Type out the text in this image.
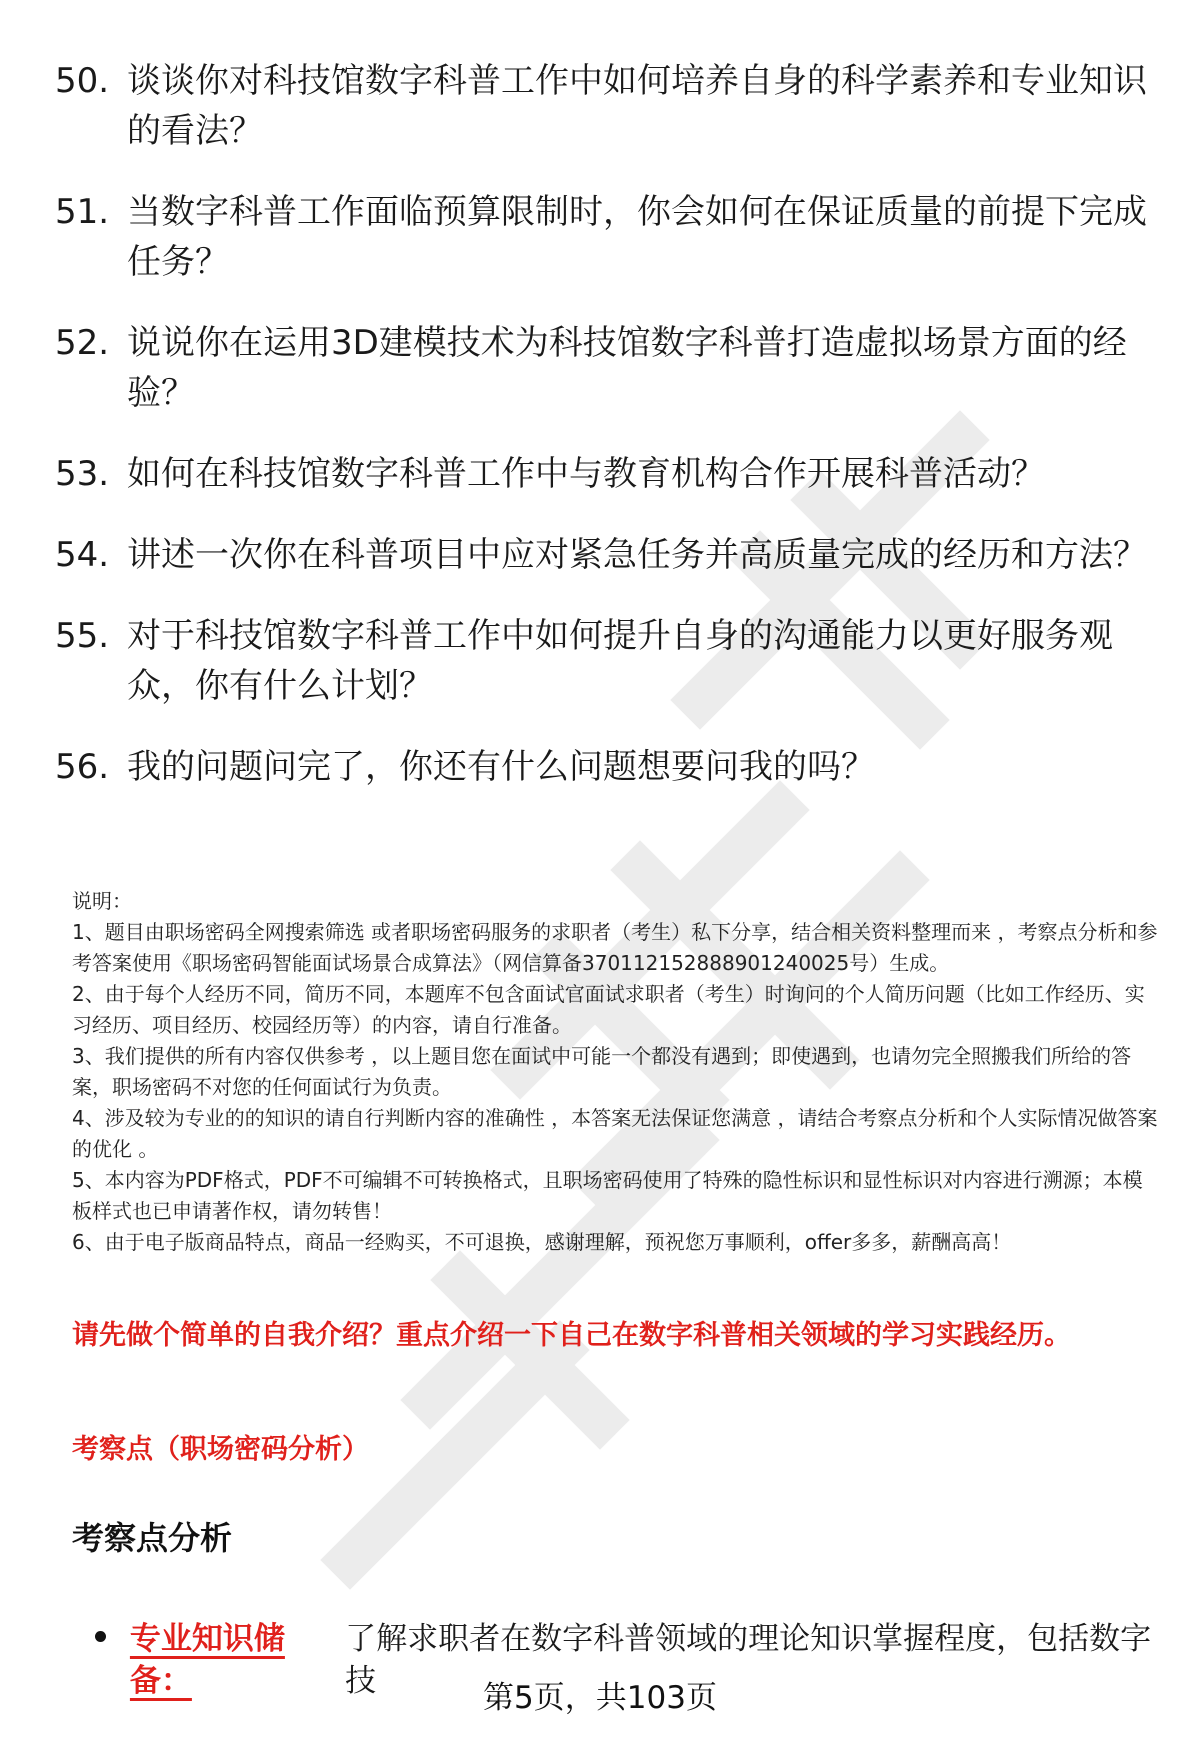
50. 谈谈你对科技馆数字科普工作中如何培养自身的科学素养和专业知识的看法？
51. 当数字科普工作面临预算限制时，你会如何在保证质量的前提下完成任务？
52. 说说你在运用3D建模技术为科技馆数字科普打造虚拟场景方面的经验？
53. 如何在科技馆数字科普工作中与教育机构合作开展科普活动？
54. 讲述一次你在科普项目中应对紧急任务并高质量完成的经历和方法？
55. 对于科技馆数字科普工作中如何提升自身的沟通能力以更好服务观众，你有什么计划？
56. 我的问题问完了，你还有什么问题想要问我的吗？
说明：
1、题目由职场密码全网搜索筛选 或者职场密码服务的求职者（考生）私下分享，结合相关资料整理而来 ，考察点分析和参考答案使用《职场密码智能面试场景合成算法》（网信算备370112152888901240025号）生成。
2、由于每个人经历不同，简历不同，本题库不包含面试官面试求职者（考生）时询问的个人简历问题（比如工作经历、实习经历、项目经历、校园经历等）的内容，请自行准备。
3、我们提供的所有内容仅供参考 ，以上题目您在面试中可能一个都没有遇到；即使遇到，也请勿完全照搬我们所给的答案，职场密码不对您的任何面试行为负责。
4、涉及较为专业的的知识的请自行判断内容的准确性 ，本答案无法保证您满意 ，请结合考察点分析和个人实际情况做答案的优化 。
5、本内容为PDF格式，PDF不可编辑不可转换格式，且职场密码使用了特殊的隐性标识和显性标识对内容进行溯源；本模板样式也已申请著作权，请勿转售！
6、由于电子版商品特点，商品一经购买，不可退换，感谢理解，预祝您万事顺利，offer多多，薪酬高高！
请先做个简单的自我介绍？重点介绍一下自己在数字科普相关领域的学习实践经历。
考察点（职场密码分析）
考察点分析
专业知识储备：
了解求职者在数字科普领域的理论知识掌握程度，包括数字技	第5页，共103页
